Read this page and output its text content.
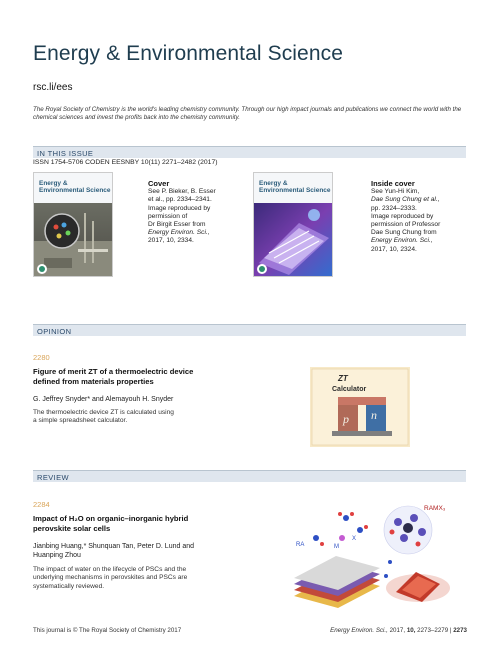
Energy & Environmental Science
rsc.li/ees

The Royal Society of Chemistry is the world's leading chemistry community. Through our high impact journals and publications we connect the world with the chemical sciences and invest the profits back into the chemistry community.

IN THIS ISSUE
ISSN 1754-5706 CODEN EESNBY 10(11) 2271–2482 (2017)
Energy & Environmental Science
Cover
See P. Bieker, B. Esser
et al., pp. 2334–2341.
Image reproduced by
permission of
Dr Birgit Esser from
Energy Environ. Sci.,
2017, 10, 2334.
Energy & Environmental Science
Inside cover
See Yun-Hi Kim,
Dae Sung Chung et al.,
pp. 2324–2333.
Image reproduced by
permission of Professor
Dae Sung Chung from
Energy Environ. Sci.,
2017, 10, 2324.
OPINION
2280
Figure of merit ZT of a thermoelectric device
defined from materials properties
G. Jeffrey Snyder* and Alemayouh H. Snyder
The thermoelectric device ZT is calculated using
a simple spreadsheet calculator.
ZT
Calculator
p n
REVIEW
2284
Impact of H₂O on organic–inorganic hybrid
perovskite solar cells
Jianbing Huang,* Shunquan Tan, Peter D. Lund and
Huanping Zhou
The impact of water on the lifecycle of PSCs and the
underlying mechanisms in perovskites and PSCs are
systematically reviewed.
X
M
RA
RAMX₃
This journal is © The Royal Society of Chemistry 2017	Energy Environ. Sci., 2017, 10, 2273–2279 | 2273
